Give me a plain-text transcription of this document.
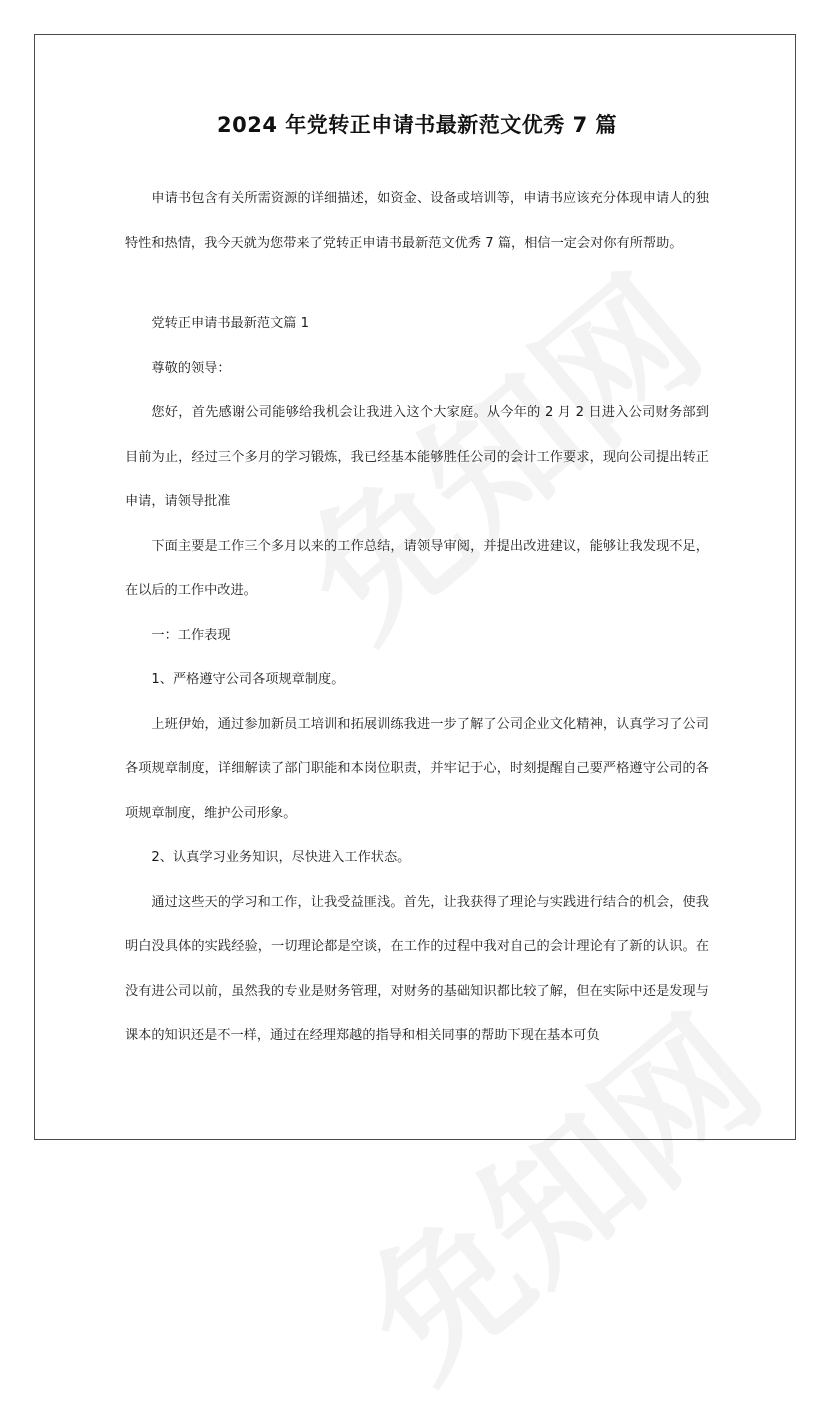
2024 年党转正申请书最新范文优秀 7 篇

申请书包含有关所需资源的详细描述，如资金、设备或培训等，申请书应该充分体现申请人的独特性和热情，我今天就为您带来了党转正申请书最新范文优秀 7 篇，相信一定会对你有所帮助。

党转正申请书最新范文篇 1

尊敬的领导：

您好，首先感谢公司能够给我机会让我进入这个大家庭。从今年的 2 月 2 日进入公司财务部到目前为止，经过三个多月的学习锻炼，我已经基本能够胜任公司的会计工作要求，现向公司提出转正申请，请领导批准

下面主要是工作三个多月以来的工作总结，请领导审阅，并提出改进建议，能够让我发现不足，在以后的工作中改进。

一：工作表现

1、严格遵守公司各项规章制度。

上班伊始，通过参加新员工培训和拓展训练我进一步了解了公司企业文化精神，认真学习了公司各项规章制度，详细解读了部门职能和本岗位职责，并牢记于心，时刻提醒自己要严格遵守公司的各项规章制度，维护公司形象。

2、认真学习业务知识，尽快进入工作状态。

通过这些天的学习和工作，让我受益匪浅。首先，让我获得了理论与实践进行结合的机会，使我明白没具体的实践经验，一切理论都是空谈，在工作的过程中我对自己的会计理论有了新的认识。在没有进公司以前，虽然我的专业是财务管理，对财务的基础知识都比较了解，但在实际中还是发现与课本的知识还是不一样，通过在经理郑越的指导和相关同事的帮助下现在基本可负
